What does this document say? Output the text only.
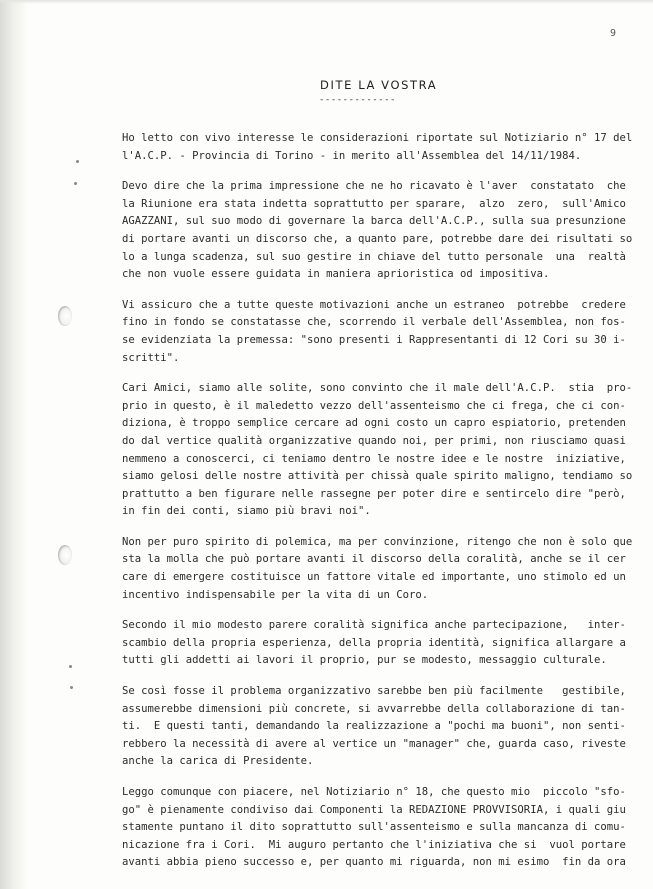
9
DITE LA VOSTRA
-------------
Ho letto con vivo interesse le considerazioni riportate sul Notiziario n° 17 del
l'A.C.P. - Provincia di Torino - in merito all'Assemblea del 14/11/1984.
Devo dire che la prima impressione che ne ho ricavato è l'aver  constatato  che
la Riunione era stata indetta soprattutto per sparare,  alzo  zero,  sull'Amico
AGAZZANI, sul suo modo di governare la barca dell'A.C.P., sulla sua presunzione
di portare avanti un discorso che, a quanto pare, potrebbe dare dei risultati so
lo a lunga scadenza, sul suo gestire in chiave del tutto personale  una  realtà
che non vuole essere guidata in maniera aprioristica od impositiva.
Vi assicuro che a tutte queste motivazioni anche un estraneo  potrebbe  credere
fino in fondo se constatasse che, scorrendo il verbale dell'Assemblea, non fos-
se evidenziata la premessa: "sono presenti i Rappresentanti di 12 Cori su 30 i-
scritti".
Cari Amici, siamo alle solite, sono convinto che il male dell'A.C.P.  stia  pro-
prio in questo, è il maledetto vezzo dell'assenteismo che ci frega, che ci con-
diziona, è troppo semplice cercare ad ogni costo un capro espiatorio, pretenden
do dal vertice qualità organizzative quando noi, per primi, non riusciamo quasi
nemmeno a conoscerci, ci teniamo dentro le nostre idee e le nostre  iniziative,
siamo gelosi delle nostre attività per chissà quale spirito maligno, tendiamo so
prattutto a ben figurare nelle rassegne per poter dire e sentircelo dire "però,
in fin dei conti, siamo più bravi noi".
Non per puro spirito di polemica, ma per convinzione, ritengo che non è solo que
sta la molla che può portare avanti il discorso della coralità, anche se il cer
care di emergere costituisce un fattore vitale ed importante, uno stimolo ed un
incentivo indispensabile per la vita di un Coro.
Secondo il mio modesto parere coralità significa anche partecipazione,   inter-
scambio della propria esperienza, della propria identità, significa allargare a
tutti gli addetti ai lavori il proprio, pur se modesto, messaggio culturale.
Se così fosse il problema organizzativo sarebbe ben più facilmente   gestibile,
assumerebbe dimensioni più concrete, si avvarrebbe della collaborazione di tan-
ti.  E questi tanti, demandando la realizzazione a "pochi ma buoni", non senti-
rebbero la necessità di avere al vertice un "manager" che, guarda caso, riveste
anche la carica di Presidente.
Leggo comunque con piacere, nel Notiziario n° 18, che questo mio  piccolo "sfo-
go" è pienamente condiviso dai Componenti la REDAZIONE PROVVISORIA, i quali giu
stamente puntano il dito soprattutto sull'assenteismo e sulla mancanza di comu-
nicazione fra i Cori.  Mi auguro pertanto che l'iniziativa che si  vuol portare
avanti abbia pieno successo e, per quanto mi riguarda, non mi esimo  fin da ora
